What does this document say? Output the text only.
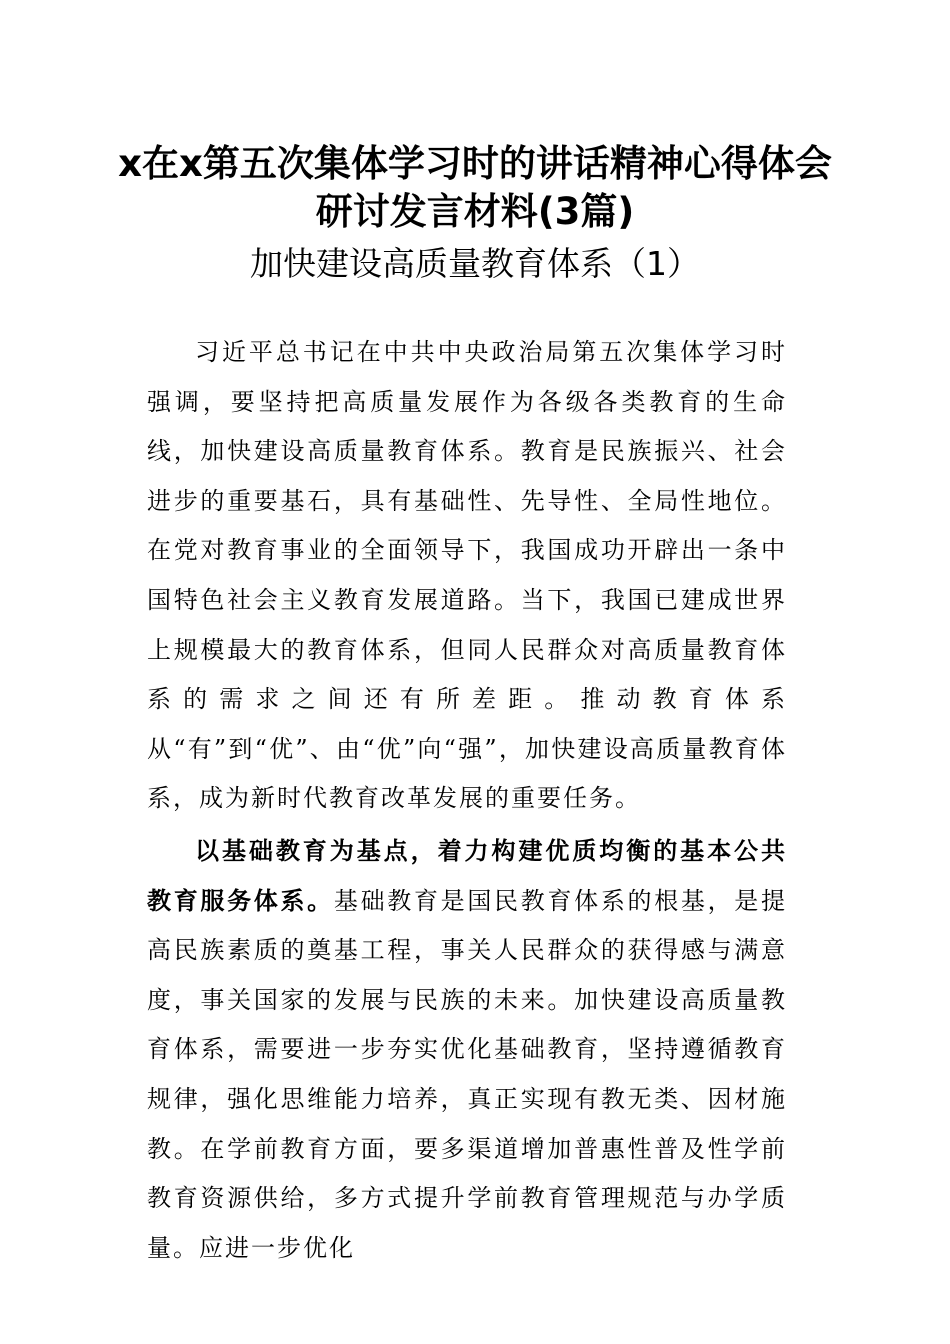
x在x第五次集体学习时的讲话精神心得体会研讨发言材料(3篇)
加快建设高质量教育体系（1）

习近平总书记在中共中央政治局第五次集体学习时强调，要坚持把高质量发展作为各级各类教育的生命线，加快建设高质量教育体系。教育是民族振兴、社会进步的重要基石，具有基础性、先导性、全局性地位。在党对教育事业的全面领导下，我国成功开辟出一条中国特色社会主义教育发展道路。当下，我国已建成世界上规模最大的教育体系，但同人民群众对高质量教育体系的需求之间还有所差距。推动教育体系从“有”到“优”、由“优”向“强”，加快建设高质量教育体系，成为新时代教育改革发展的重要任务。

以基础教育为基点，着力构建优质均衡的基本公共教育服务体系。基础教育是国民教育体系的根基，是提高民族素质的奠基工程，事关人民群众的获得感与满意度，事关国家的发展与民族的未来。加快建设高质量教育体系，需要进一步夯实优化基础教育，坚持遵循教育规律，强化思维能力培养，真正实现有教无类、因材施教。在学前教育方面，要多渠道增加普惠性普及性学前教育资源供给，多方式提升学前教育管理规范与办学质量。应进一步优化
